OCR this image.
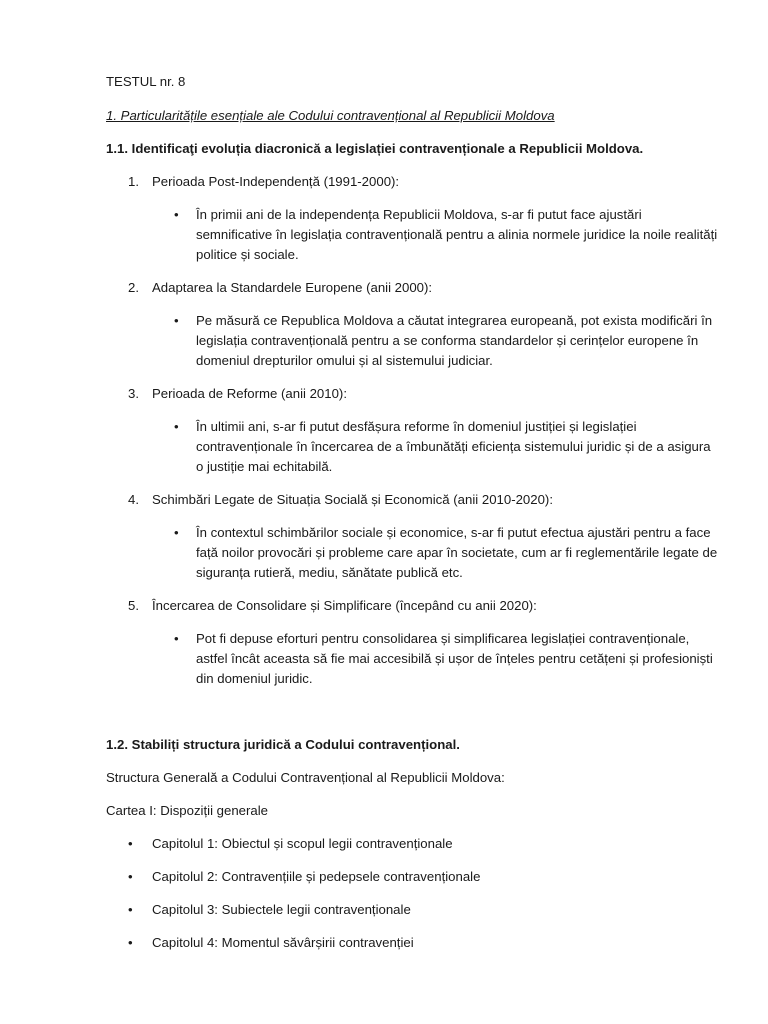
TESTUL nr. 8
1. Particularitățile esențiale ale Codului contravențional al Republicii Moldova
1.1. Identificaţi evoluția diacronică a legislației contravenționale a Republicii Moldova.
1. Perioada Post-Independență (1991-2000):
• În primii ani de la independența Republicii Moldova, s-ar fi putut face ajustări semnificative în legislația contravențională pentru a alinia normele juridice la noile realități politice și sociale.
2. Adaptarea la Standardele Europene (anii 2000):
• Pe măsură ce Republica Moldova a căutat integrarea europeană, pot exista modificări în legislația contravențională pentru a se conforma standardelor și cerințelor europene în domeniul drepturilor omului și al sistemului judiciar.
3. Perioada de Reforme (anii 2010):
• În ultimii ani, s-ar fi putut desfășura reforme în domeniul justiției și legislației contravenționale în încercarea de a îmbunătăți eficiența sistemului juridic și de a asigura o justiție mai echitabilă.
4. Schimbări Legate de Situația Socială și Economică (anii 2010-2020):
• În contextul schimbărilor sociale și economice, s-ar fi putut efectua ajustări pentru a face față noilor provocări și probleme care apar în societate, cum ar fi reglementările legate de siguranța rutieră, mediu, sănătate publică etc.
5. Încercarea de Consolidare și Simplificare (începând cu anii 2020):
• Pot fi depuse eforturi pentru consolidarea și simplificarea legislației contravenționale, astfel încât aceasta să fie mai accesibilă și ușor de înțeles pentru cetățeni și profesioniști din domeniul juridic.
1.2. Stabiliți structura juridică a Codului contravențional.
Structura Generală a Codului Contravențional al Republicii Moldova:
Cartea I: Dispoziții generale
• Capitolul 1: Obiectul și scopul legii contravenționale
• Capitolul 2: Contravențiile și pedepsele contravenționale
• Capitolul 3: Subiectele legii contravenționale
• Capitolul 4: Momentul săvârșirii contravenției
